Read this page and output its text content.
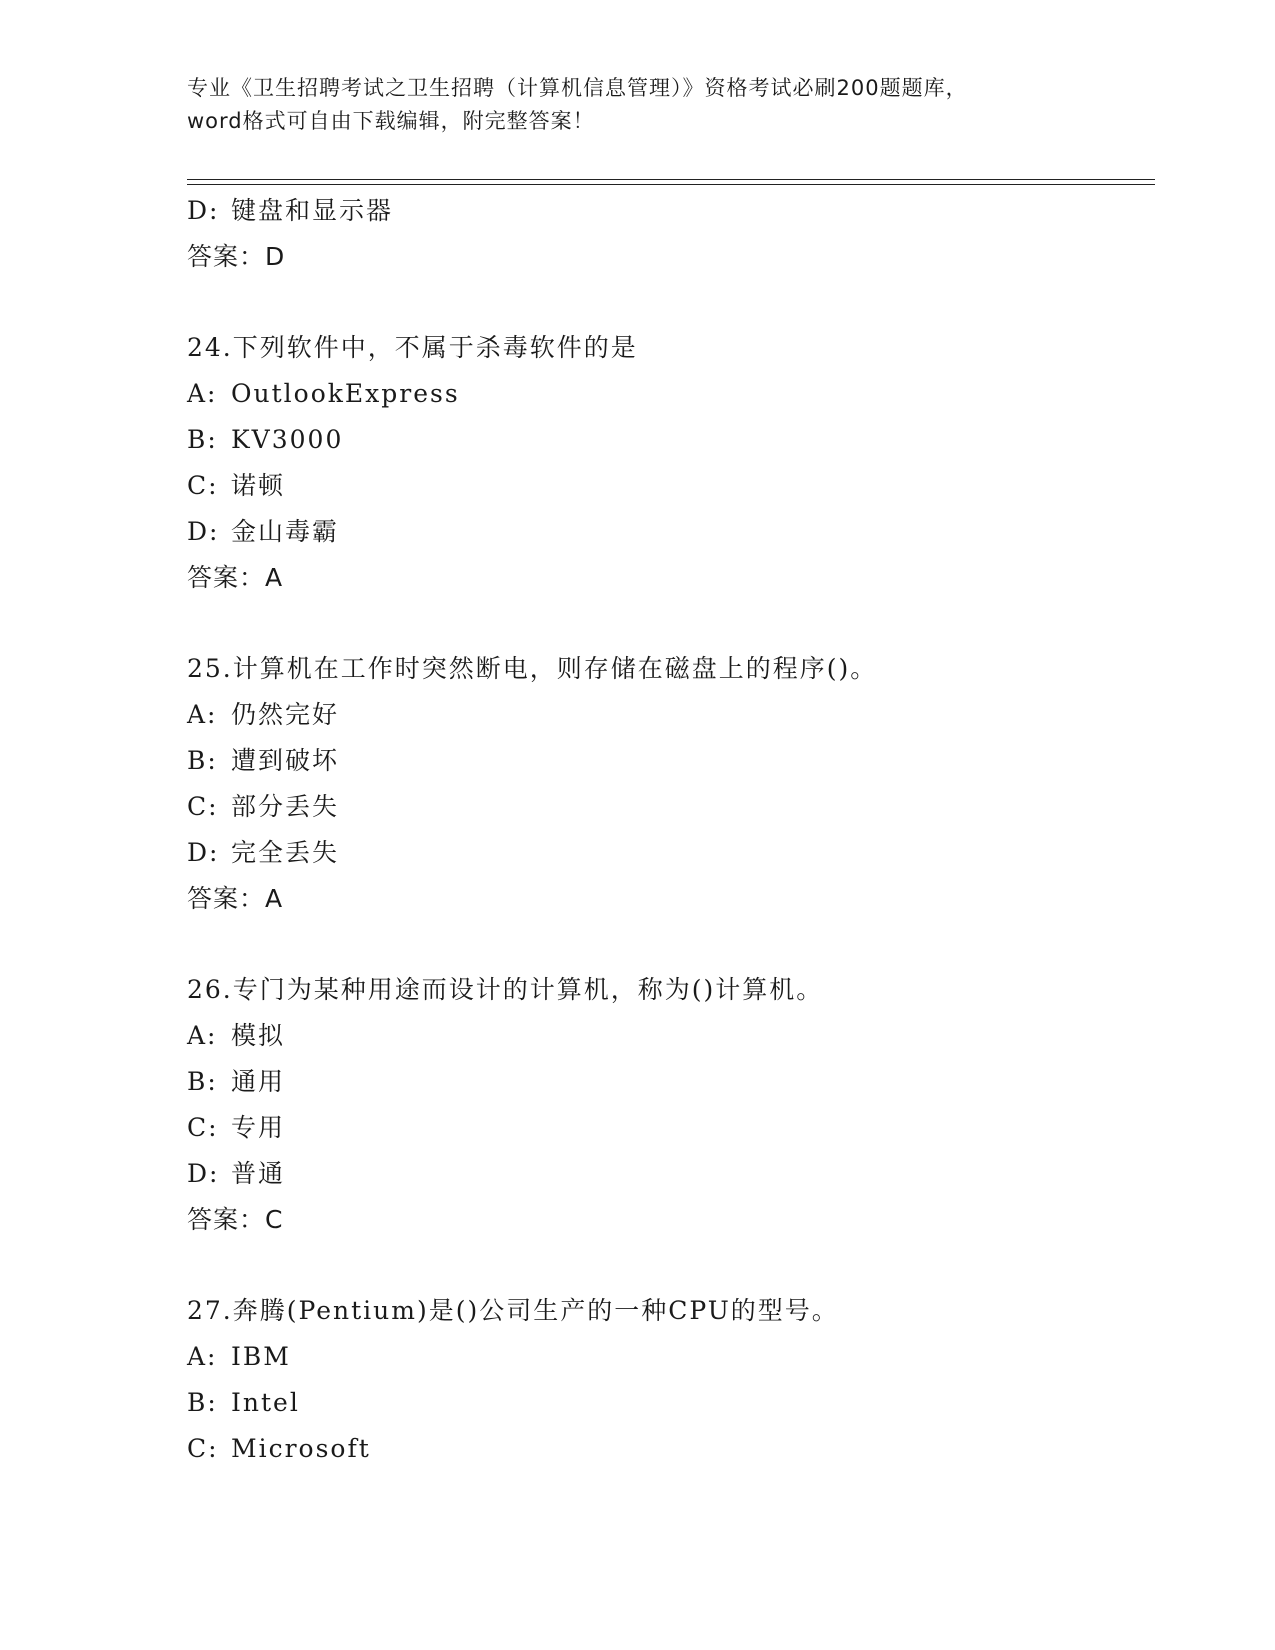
专业《卫生招聘考试之卫生招聘（计算机信息管理）》资格考试必刷200题题库，
word格式可自由下载编辑，附完整答案！
D: 键盘和显示器
答案：D
24.下列软件中，不属于杀毒软件的是
A: OutlookExpress
B: KV3000
C: 诺顿
D: 金山毒霸
答案：A
25.计算机在工作时突然断电，则存储在磁盘上的程序()。
A: 仍然完好
B: 遭到破坏
C: 部分丢失
D: 完全丢失
答案：A
26.专门为某种用途而设计的计算机，称为()计算机。
A: 模拟
B: 通用
C: 专用
D: 普通
答案：C
27.奔腾(Pentium)是()公司生产的一种CPU的型号。
A: IBM
B: Intel
C: Microsoft
